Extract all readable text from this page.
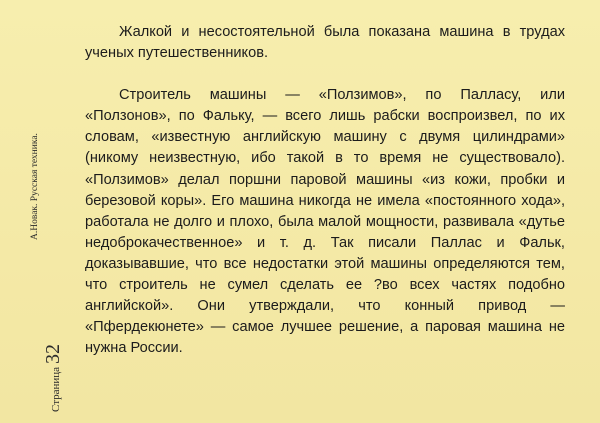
А.Новак. Русская техника.
Страница32

Жалкой и несостоятельной была показана машина в трудах ученых путешественников.

Строитель машины — «Ползимов», по Палласу, или «Ползонов», по Фальку, — всего лишь рабски воспроизвел, по их словам, «известную английскую машину с двумя цилиндрами» (никому неизвестную, ибо такой в то время не существовало). «Ползимов» делал поршни паровой машины «из кожи, пробки и березовой коры». Его машина никогда не имела «постоянного хода», работала не долго и плохо, была малой мощности, развивала «дутье недоброкачественное» и т. д. Так писали Паллас и Фальк, доказывавшие, что все недостатки этой машины определяются тем, что строитель не сумел сделать ее ?во всех частях подобно английской». Они утверждали, что конный привод — «Пфердекюнете» — самое лучшее решение, а паровая машина не нужна России.
